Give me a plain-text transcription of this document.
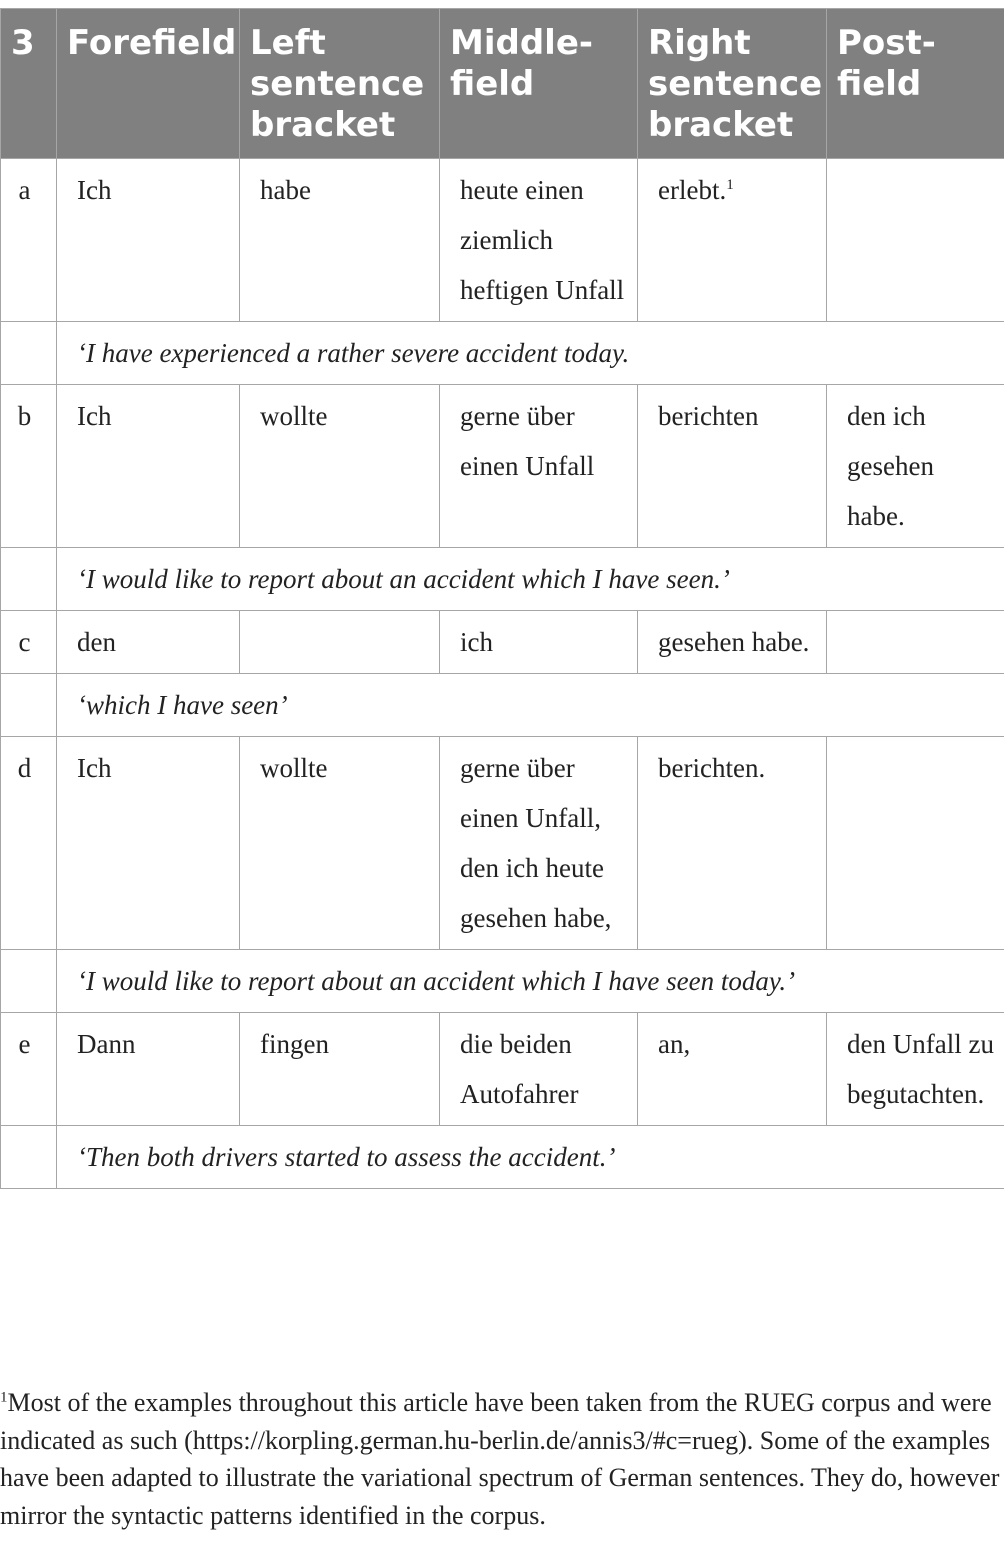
3	Forefield	Left sentence bracket	Middle-field	Right sentence bracket	Post-field
a	Ich	habe	heute einen ziemlich heftigen Unfall	erlebt.$^1$	
	‘I have experienced a rather severe accident today.				
b	Ich	wollte	gerne über einen Unfall	berichten	den ich gesehen habe.
	‘I would like to report about an accident which I have seen.’				
c	den		ich	gesehen habe.	
	‘which I have seen’				
d	Ich	wollte	gerne über einen Unfall, den ich heute gesehen habe,	berichten.	
	‘I would like to report about an accident which I have seen today.’				
e	Dann	fingen	die beiden Autofahrer	an,	den Unfall zu begutachten.
	‘Then both drivers started to assess the accident.’				
$^1$Most of the examples throughout this article have been taken from the RUEG corpus and were indicated as such (https://korpling.german.hu-berlin.de/annis3/#c=rueg). Some of the examples have been adapted to illustrate the variational spectrum of German sentences. They do, however mirror the syntactic patterns identified in the corpus.
